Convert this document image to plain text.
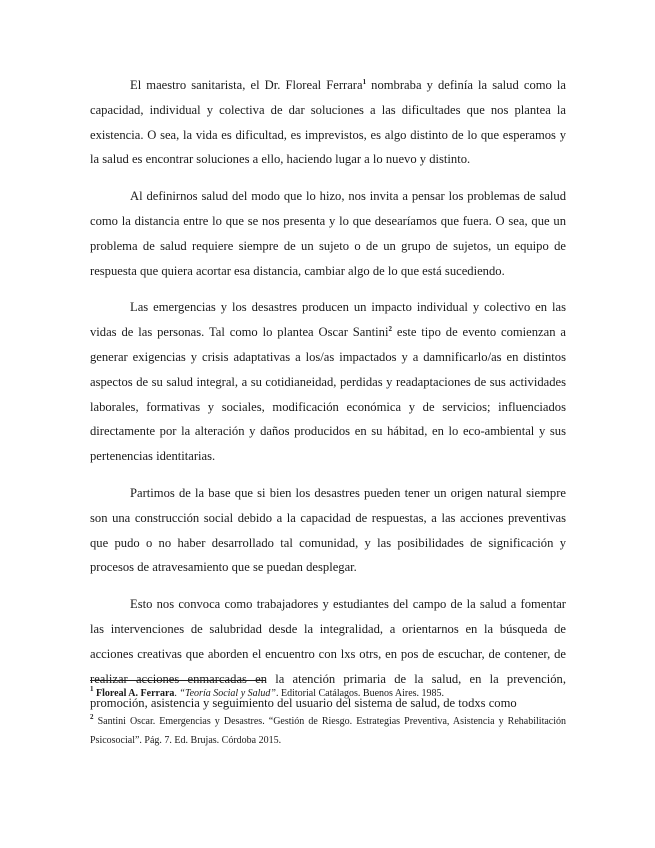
El maestro sanitarista, el Dr. Floreal Ferrara$^1$ nombraba y definía la salud como la capacidad, individual y colectiva de dar soluciones a las dificultades que nos plantea la existencia. O sea, la vida es dificultad, es imprevistos, es algo distinto de lo que esperamos y la salud es encontrar soluciones a ello, haciendo lugar a lo nuevo y distinto.

Al definirnos salud del modo que lo hizo, nos invita a pensar los problemas de salud como la distancia entre lo que se nos presenta y lo que desearíamos que fuera. O sea, que un problema de salud requiere siempre de un sujeto o de un grupo de sujetos, un equipo de respuesta que quiera acortar esa distancia, cambiar algo de lo que está sucediendo.

Las emergencias y los desastres producen un impacto individual y colectivo en las vidas de las personas. Tal como lo plantea Oscar Santini$^2$ este tipo de evento comienzan a generar exigencias y crisis adaptativas a los/as impactados y a damnificarlo/as en distintos aspectos de su salud integral, a su cotidianeidad, perdidas y readaptaciones de sus actividades laborales, formativas y sociales, modificación económica y de servicios; influenciados directamente por la alteración y daños producidos en su hábitad, en lo eco-ambiental y sus pertenencias identitarias.

Partimos de la base que si bien los desastres pueden tener un origen natural siempre son una construcción social debido a la capacidad de respuestas, a las acciones preventivas que pudo o no haber desarrollado tal comunidad, y las posibilidades de significación y procesos de atravesamiento que se puedan desplegar.

Esto nos convoca como trabajadores y estudiantes del campo de la salud a fomentar las intervenciones de salubridad desde la integralidad, a orientarnos en la búsqueda de acciones creativas que aborden el encuentro con lxs otrs, en pos de escuchar, de contener, de realizar acciones enmarcadas en la atención primaria de la salud, en la prevención, promoción, asistencia y seguimiento del usuario del sistema de salud, de todxs como

$^1$ Floreal A. Ferrara. “Teoría Social y Salud”. Editorial Catálagos. Buenos Aires. 1985.

$^2$ Santini Oscar. Emergencias y Desastres. “Gestión de Riesgo. Estrategias Preventiva, Asistencia y Rehabilitación Psicosocial”. Pág. 7. Ed. Brujas. Córdoba 2015.
